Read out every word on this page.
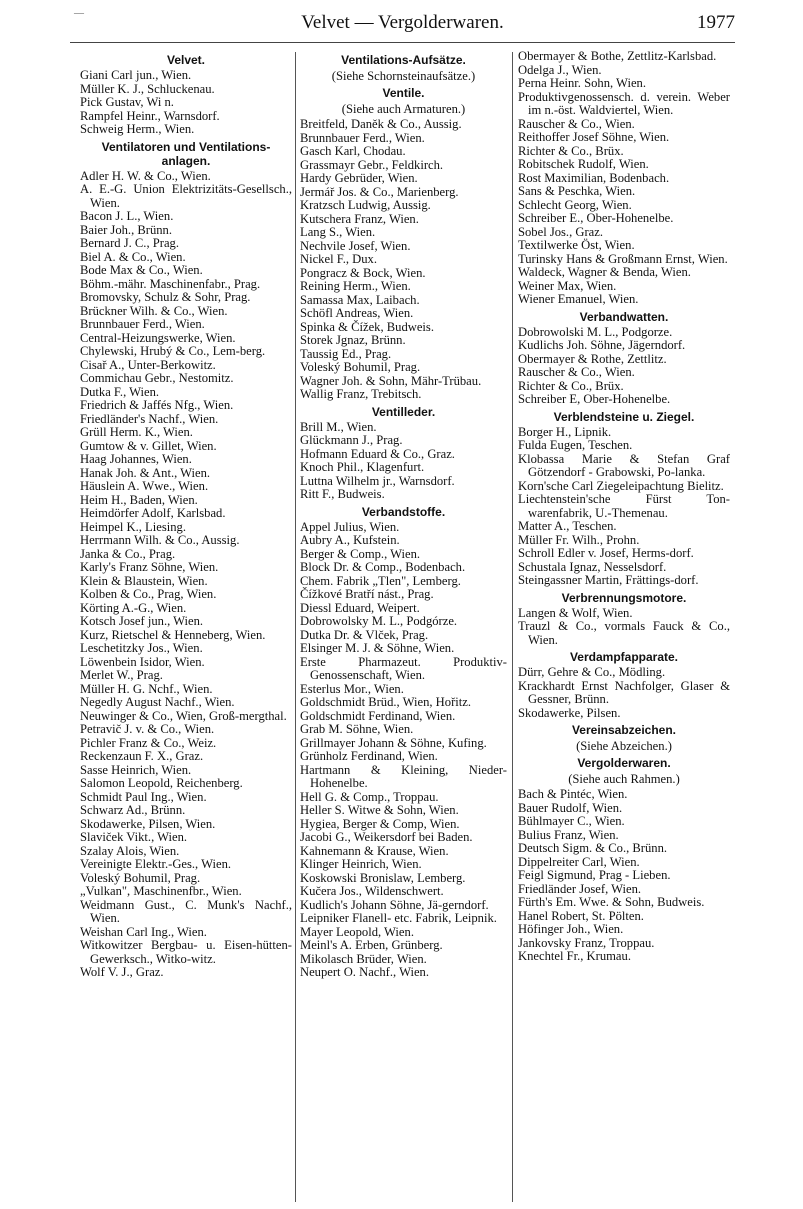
—	Velvet — Vergolderwaren.	1977
Velvet.
Giani Carl jun., Wien.
Müller K. J., Schluckenau.
Pick Gustav, Wi n.
Rampfel Heinr., Warnsdorf.
Schweig Herm., Wien.
Ventilatoren und Ventilations-anlagen.
Adler H. W. & Co., Wien.
A. E.-G. Union Elektrizitäts-Gesellsch., Wien.
Bacon J. L., Wien.
Baier Joh., Brünn.
Bernard J. C., Prag.
Biel A. & Co., Wien.
Bode Max & Co., Wien.
Böhm.-mähr. Maschinenfabr., Prag.
Bromovsky, Schulz & Sohr, Prag.
Brückner Wilh. & Co., Wien.
Brunnbauer Ferd., Wien.
Central-Heizungswerke, Wien.
Chylewski, Hrubý & Co., Lem-berg.
Cisař A., Unter-Berkowitz.
Commichau Gebr., Nestomitz.
Dutka F., Wien.
Friedrich & Jaffés Nfg., Wien.
Friedländer's Nachf., Wien.
Grüll Herm. K., Wien.
Gumtow & v. Gillet, Wien.
Haag Johannes, Wien.
Hanak Joh. & Ant., Wien.
Häuslein A. Wwe., Wien.
Heim H., Baden, Wien.
Heimdörfer Adolf, Karlsbad.
Heimpel K., Liesing.
Herrmann Wilh. & Co., Aussig.
Janka & Co., Prag.
Karly's Franz Söhne, Wien.
Klein & Blaustein, Wien.
Kolben & Co., Prag, Wien.
Körting A.-G., Wien.
Kotsch Josef jun., Wien.
Kurz, Rietschel & Henneberg, Wien.
Leschetitzky Jos., Wien.
Löwenbein Isidor, Wien.
Merlet W., Prag.
Müller H. G. Nchf., Wien.
Negedly August Nachf., Wien.
Neuwinger & Co., Wien, Groß-mergthal.
Petravič J. v. & Co., Wien.
Pichler Franz & Co., Weiz.
Reckenzaun F. X., Graz.
Sasse Heinrich, Wien.
Salomon Leopold, Reichenberg.
Schmidt Paul Ing., Wien.
Schwarz Ad., Brünn.
Skodawerke, Pilsen, Wien.
Slaviček Vikt., Wien.
Szalay Alois, Wien.
Vereinigte Elektr.-Ges., Wien.
Voleský Bohumil, Prag.
„Vulkan", Maschinenfbr., Wien.
Weidmann Gust., C. Munk's Nachf., Wien.
Weishan Carl Ing., Wien.
Witkowitzer Bergbau- u. Eisen-hütten-Gewerksch., Witko-witz.
Wolf V. J., Graz.
Ventilations-Aufsätze.
(Siehe Schornsteinaufsätze.)
Ventile.
(Siehe auch Armaturen.)
Breitfeld, Daněk & Co., Aussig.
Brunnbauer Ferd., Wien.
Gasch Karl, Chodau.
Grassmayr Gebr., Feldkirch.
Hardy Gebrüder, Wien.
Jermář Jos. & Co., Marienberg.
Kratzsch Ludwig, Aussig.
Kutschera Franz, Wien.
Lang S., Wien.
Nechvile Josef, Wien.
Nickel F., Dux.
Pongracz & Bock, Wien.
Reining Herm., Wien.
Samassa Max, Laibach.
Schöfl Andreas, Wien.
Spinka & Čížek, Budweis.
Storek Jgnaz, Brünn.
Taussig Ed., Prag.
Voleský Bohumil, Prag.
Wagner Joh. & Sohn, Mähr-Trübau.
Wallig Franz, Trebitsch.
Ventilleder.
Brill M., Wien.
Glückmann J., Prag.
Hofmann Eduard & Co., Graz.
Knoch Phil., Klagenfurt.
Luttna Wilhelm jr., Warnsdorf.
Ritt F., Budweis.
Verbandstoffe.
Appel Julius, Wien.
Aubry A., Kufstein.
Berger & Comp., Wien.
Block Dr. & Comp., Bodenbach.
Chem. Fabrik „Tlen", Lemberg.
Čížkové Bratří nást., Prag.
Diessl Eduard, Weipert.
Dobrowolsky M. L., Podgórze.
Dutka Dr. & Vlček, Prag.
Elsinger M. J. & Söhne, Wien.
Erste Pharmazeut. Produktiv-Genossenschaft, Wien.
Esterlus Mor., Wien.
Goldschmidt Brüd., Wien, Hořitz.
Goldschmidt Ferdinand, Wien.
Grab M. Söhne, Wien.
Grillmayer Johann & Söhne, Kufing.
Grünholz Ferdinand, Wien.
Hartmann & Kleining, Nieder-Hohenelbe.
Hell G. & Comp., Troppau.
Heller S. Witwe & Sohn, Wien.
Hygiea, Berger & Comp, Wien.
Jacobi G., Weikersdorf bei Baden.
Kahnemann & Krause, Wien.
Klinger Heinrich, Wien.
Koskowski Bronislaw, Lemberg.
Kučera Jos., Wildenschwert.
Kudlich's Johann Söhne, Jä-gerndorf.
Leipniker Flanell- etc. Fabrik, Leipnik.
Mayer Leopold, Wien.
Meinl's A. Erben, Grünberg.
Mikolasch Brüder, Wien.
Neupert O. Nachf., Wien.
Obermayer & Bothe, Zettlitz-Karlsbad.
Odelga J., Wien.
Perna Heinr. Sohn, Wien.
Produktivgenossensch. d. verein. Weber im n.-öst. Waldviertel, Wien.
Rauscher & Co., Wien.
Reithoffer Josef Söhne, Wien.
Richter & Co., Brüx.
Robitschek Rudolf, Wien.
Rost Maximilian, Bodenbach.
Sans & Peschka, Wien.
Schlecht Georg, Wien.
Schreiber E., Ober-Hohenelbe.
Sobel Jos., Graz.
Textilwerke Öst, Wien.
Turinsky Hans & Großmann Ernst, Wien.
Waldeck, Wagner & Benda, Wien.
Weiner Max, Wien.
Wiener Emanuel, Wien.
Verbandwatten.
Dobrowolski M. L., Podgorze.
Kudlichs Joh. Söhne, Jägerndorf.
Obermayer & Rothe, Zettlitz.
Rauscher & Co., Wien.
Richter & Co., Brüx.
Schreiber E, Ober-Hohenelbe.
Verblendsteine u. Ziegel.
Borger H., Lipnik.
Fulda Eugen, Teschen.
Klobassa Marie & Stefan Graf Götzendorf - Grabowski, Po-lanka.
Korn'sche Carl Ziegeleipachtung Bielitz.
Liechtenstein'sche Fürst Ton-warenfabrik, U.-Themenau.
Matter A., Teschen.
Müller Fr. Wilh., Prohn.
Schroll Edler v. Josef, Herms-dorf.
Schustala Ignaz, Nesselsdorf.
Steingassner Martin, Frättings-dorf.
Verbrennungsmotore.
Langen & Wolf, Wien.
Trauzl & Co., vormals Fauck & Co., Wien.
Verdampfapparate.
Dürr, Gehre & Co., Mödling.
Krackhardt Ernst Nachfolger, Glaser & Gessner, Brünn.
Skodawerke, Pilsen.
Vereinsabzeichen.
(Siehe Abzeichen.)
Vergolderwaren.
(Siehe auch Rahmen.)
Bach & Pintéc, Wien.
Bauer Rudolf, Wien.
Bühlmayer C., Wien.
Bulius Franz, Wien.
Deutsch Sigm. & Co., Brünn.
Dippelreiter Carl, Wien.
Feigl Sigmund, Prag - Lieben.
Friedländer Josef, Wien.
Fürth's Em. Wwe. & Sohn, Budweis.
Hanel Robert, St. Pölten.
Höfinger Joh., Wien.
Jankovsky Franz, Troppau.
Knechtel Fr., Krumau.
